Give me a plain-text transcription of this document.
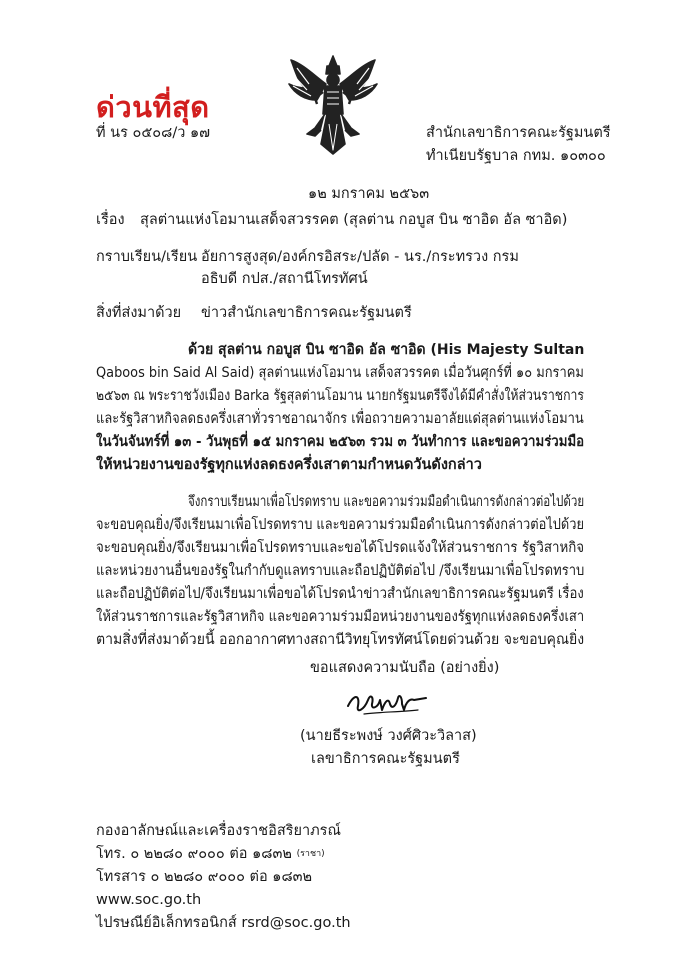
ด่วนที่สุด
ที่ นร ๐๕๐๘/ว ๑๗	สำนักเลขาธิการคณะรัฐมนตรี
ทำเนียบรัฐบาล กทม. ๑๐๓๐๐
๑๒ มกราคม ๒๕๖๓
เรื่อง สุลต่านแห่งโอมานเสด็จสวรรคต (สุลต่าน กอบูส บิน ซาอิด อัล ซาอิด)
กราบเรียน/เรียน อัยการสูงสุด/องค์กรอิสระ/ปลัด - นร./กระทรวง กรม
อธิบดี กปส./สถานีโทรทัศน์
สิ่งที่ส่งมาด้วย ข่าวสำนักเลขาธิการคณะรัฐมนตรี
ด้วย สุลต่าน กอบูส บิน ซาอิด อัล ซาอิด (His Majesty Sultan
Qaboos bin Said Al Said) สุลต่านแห่งโอมาน เสด็จสวรรคต เมื่อวันศุกร์ที่ ๑๐ มกราคม
๒๕๖๓ ณ พระราชวังเมือง Barka รัฐสุลต่านโอมาน นายกรัฐมนตรีจึงได้มีคำสั่งให้ส่วนราชการ
และรัฐวิสาหกิจลดธงครึ่งเสาทั่วราชอาณาจักร เพื่อถวายความอาลัยแด่สุลต่านแห่งโอมาน
ในวันจันทร์ที่ ๑๓ - วันพุธที่ ๑๕ มกราคม ๒๕๖๓ รวม ๓ วันทำการ และขอความร่วมมือ
ให้หน่วยงานของรัฐทุกแห่งลดธงครึ่งเสาตามกำหนดวันดังกล่าว
จึงกราบเรียนมาเพื่อโปรดทราบ และขอความร่วมมือดำเนินการดังกล่าวต่อไปด้วย
จะขอบคุณยิ่ง/จึงเรียนมาเพื่อโปรดทราบ และขอความร่วมมือดำเนินการดังกล่าวต่อไปด้วย
จะขอบคุณยิ่ง/จึงเรียนมาเพื่อโปรดทราบและขอได้โปรดแจ้งให้ส่วนราชการ รัฐวิสาหกิจ
และหน่วยงานอื่นของรัฐในกำกับดูแลทราบและถือปฏิบัติต่อไป /จึงเรียนมาเพื่อโปรดทราบ
และถือปฏิบัติต่อไป/จึงเรียนมาเพื่อขอได้โปรดนำข่าวสำนักเลขาธิการคณะรัฐมนตรี เรื่อง
ให้ส่วนราชการและรัฐวิสาหกิจ และขอความร่วมมือหน่วยงานของรัฐทุกแห่งลดธงครึ่งเสา
ตามสิ่งที่ส่งมาด้วยนี้ ออกอากาศทางสถานีวิทยุโทรทัศน์โดยด่วนด้วย จะขอบคุณยิ่ง
ขอแสดงความนับถือ (อย่างยิ่ง)
(นายธีระพงษ์ วงศ์ศิวะวิลาส)
เลขาธิการคณะรัฐมนตรี
กองอาลักษณ์และเครื่องราชอิสริยาภรณ์
โทร. ๐ ๒๒๘๐ ๙๐๐๐ ต่อ ๑๘๓๒ (ราชา)
โทรสาร ๐ ๒๒๘๐ ๙๐๐๐ ต่อ ๑๘๓๒
www.soc.go.th
ไปรษณีย์อิเล็กทรอนิกส์ rsrd@soc.go.th
